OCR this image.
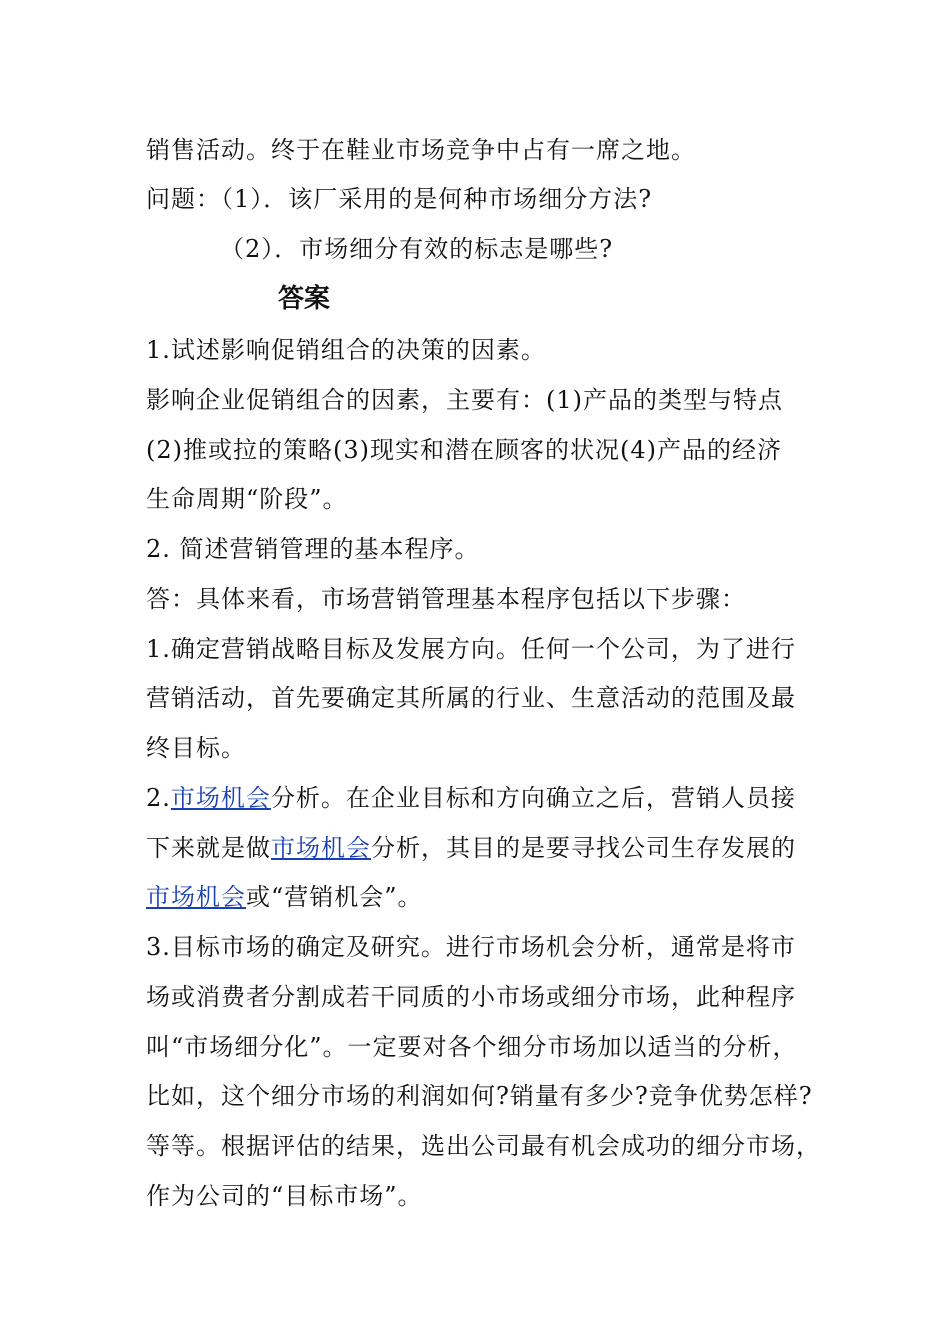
销售活动。终于在鞋业市场竞争中占有一席之地。
问题：（1）．该厂采用的是何种市场细分方法?
（2）．市场细分有效的标志是哪些?
答案
1.试述影响促销组合的决策的因素。
影响企业促销组合的因素，主要有：(1)产品的类型与特点
(2)推或拉的策略(3)现实和潜在顾客的状况(4)产品的经济
生命周期“阶段”。
2. 简述营销管理的基本程序。
答：具体来看，市场营销管理基本程序包括以下步骤：
1.确定营销战略目标及发展方向。任何一个公司，为了进行
营销活动，首先要确定其所属的行业、生意活动的范围及最
终目标。
2.市场机会分析。在企业目标和方向确立之后，营销人员接
下来就是做市场机会分析，其目的是要寻找公司生存发展的
市场机会或“营销机会”。
3.目标市场的确定及研究。进行市场机会分析，通常是将市
场或消费者分割成若干同质的小市场或细分市场，此种程序
叫“市场细分化”。一定要对各个细分市场加以适当的分析，
比如，这个细分市场的利润如何?销量有多少?竞争优势怎样?
等等。根据评估的结果，选出公司最有机会成功的细分市场，
作为公司的“目标市场”。
